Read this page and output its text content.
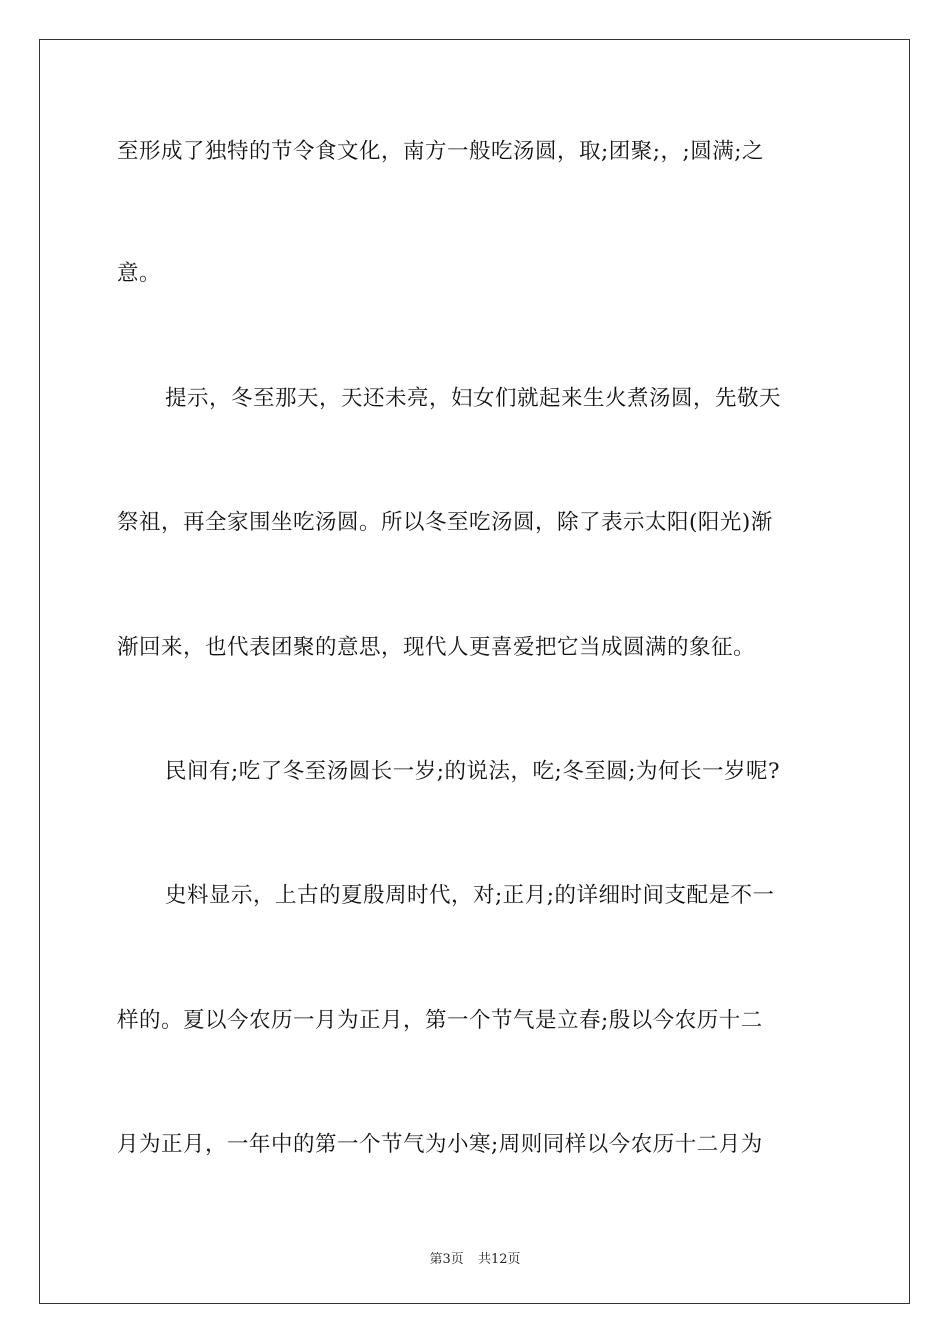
至形成了独特的节令食文化，南方一般吃汤圆，取;团聚;，;圆满;之
意。
提示，冬至那天，天还未亮，妇女们就起来生火煮汤圆，先敬天
祭祖，再全家围坐吃汤圆。所以冬至吃汤圆，除了表示太阳(阳光)渐
渐回来，也代表团聚的意思，现代人更喜爱把它当成圆满的象征。
民间有;吃了冬至汤圆长一岁;的说法，吃;冬至圆;为何长一岁呢?
史料显示，上古的夏殷周时代，对;正月;的详细时间支配是不一
样的。夏以今农历一月为正月，第一个节气是立春;殷以今农历十二
月为正月，一年中的第一个节气为小寒;周则同样以今农历十二月为
第3页 共12页
